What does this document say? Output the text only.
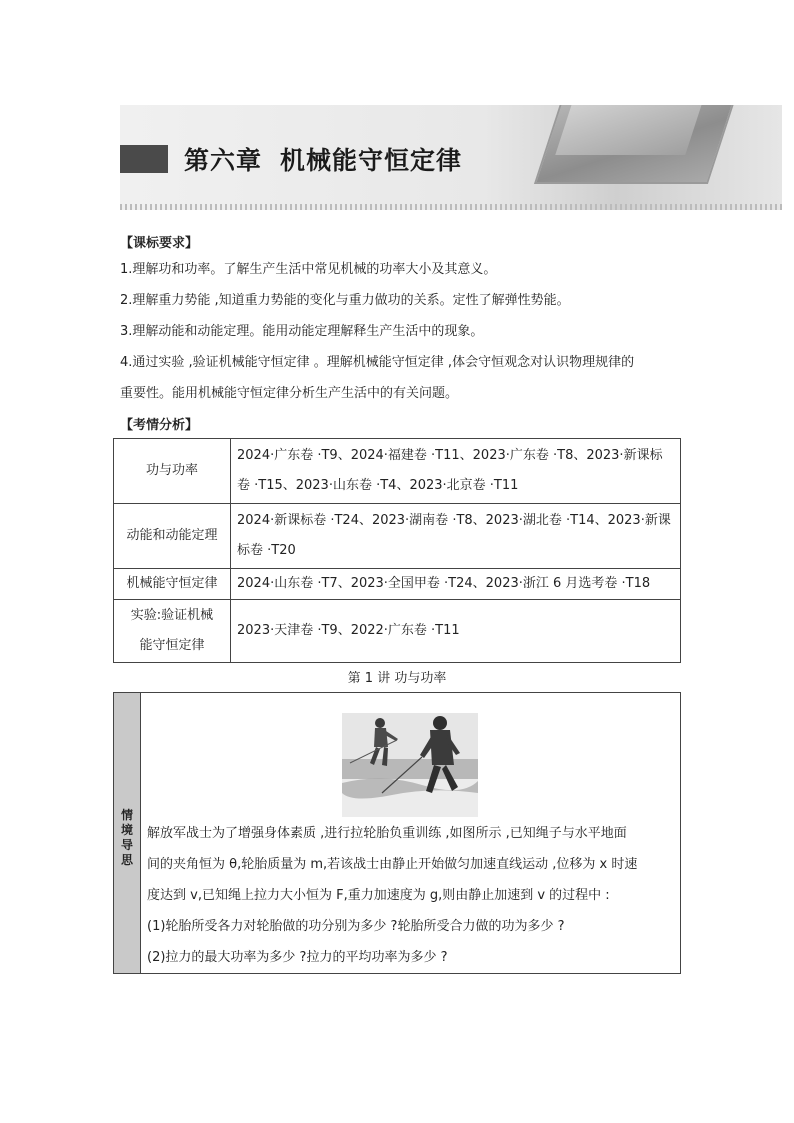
第六章 机械能守恒定律
【课标要求】
1.理解功和功率。了解生产生活中常见机械的功率大小及其意义。
2.理解重力势能 ,知道重力势能的变化与重力做功的关系。定性了解弹性势能。
3.理解动能和动能定理。能用动能定理解释生产生活中的现象。
4.通过实验 ,验证机械能守恒定律 。理解机械能守恒定律 ,体会守恒观念对认识物理规律的
重要性。能用机械能守恒定律分析生产生活中的有关问题。
【考情分析】
功与功率	2024·广东卷 ·T9、2024·福建卷 ·T11、2023·广东卷 ·T8、2023·新课标
卷 ·T15、2023·山东卷 ·T4、2023·北京卷 ·T11

动能和动能定理	2024·新课标卷 ·T24、2023·湖南卷 ·T8、2023·湖北卷 ·T14、2023·新课
标卷 ·T20

机械能守恒定律	2024·山东卷 ·T7、2023·全国甲卷 ·T24、2023·浙江 6 月选考卷 ·T18

实验:验证机械
能守恒定律	2023·天津卷 ·T9、2022·广东卷 ·T11
第 1 讲 功与功率
情
境
导
思
解放军战士为了增强身体素质 ,进行拉轮胎负重训练 ,如图所示 ,已知绳子与水平地面
间的夹角恒为 θ,轮胎质量为 m,若该战士由静止开始做匀加速直线运动 ,位移为 x 时速
度达到 v,已知绳上拉力大小恒为 F,重力加速度为 g,则由静止加速到 v 的过程中 :
(1)轮胎所受各力对轮胎做的功分别为多少 ?轮胎所受合力做的功为多少 ?
(2)拉力的最大功率为多少 ?拉力的平均功率为多少 ?
